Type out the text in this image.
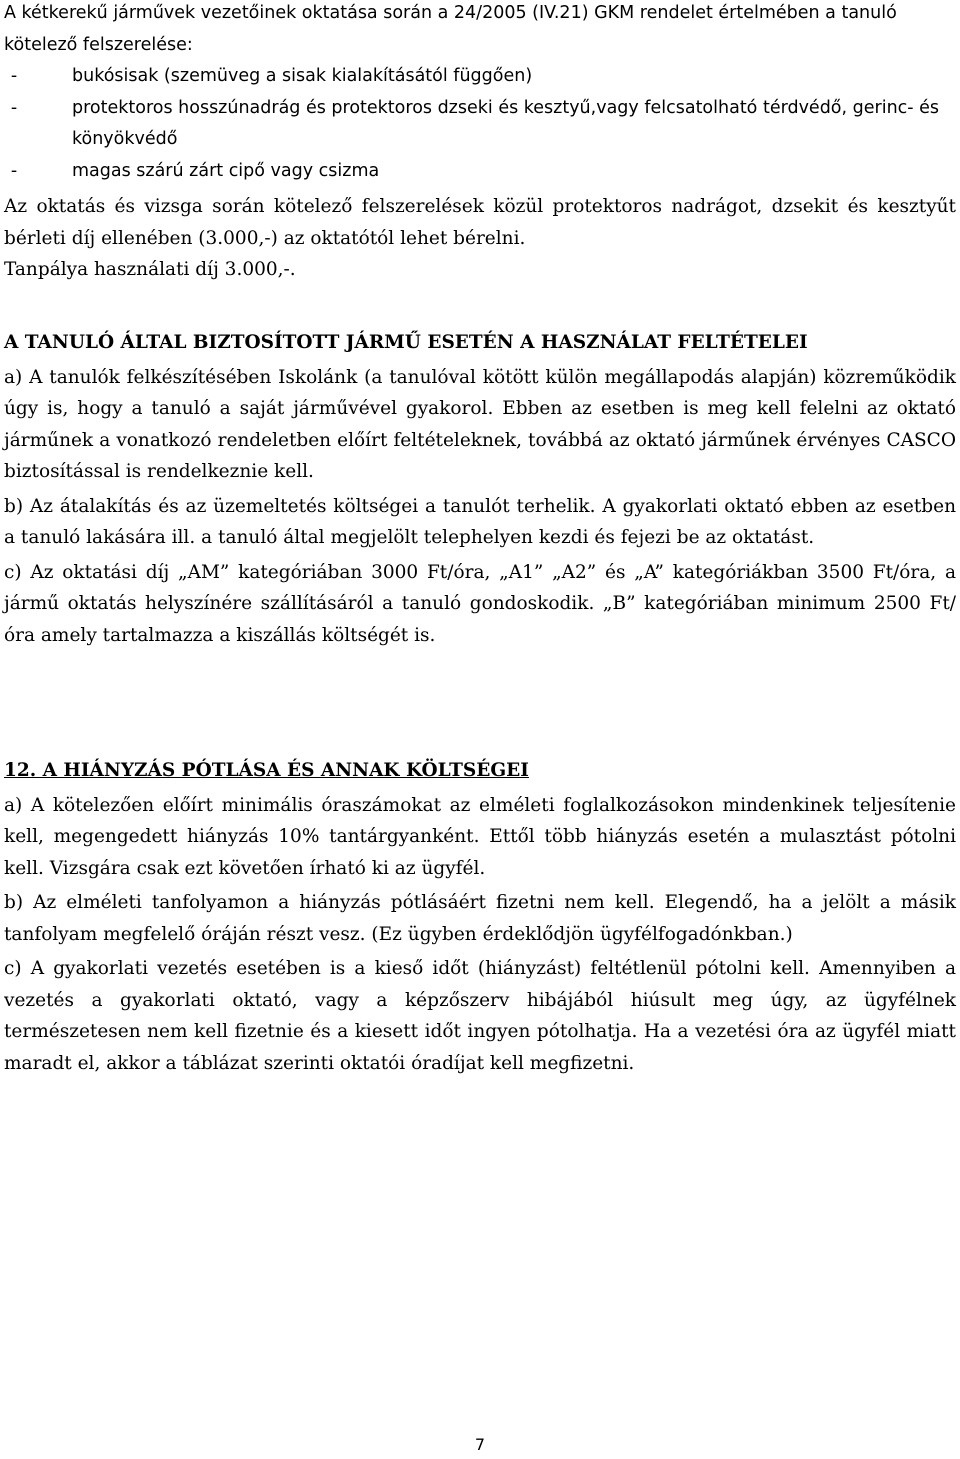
A kétkerekű járművek vezetőinek oktatása során a 24/2005 (IV.21) GKM rendelet értelmében a tanuló kötelező felszerelése:

-	bukósisak (szemüveg a sisak kialakításától függően)
-	protektoros hosszúnadrág és protektoros dzseki és kesztyű,vagy felcsatolható térdvédő, gerinc- és könyökvédő
-	magas szárú zárt cipő vagy csizma

Az oktatás és vizsga során kötelező felszerelések közül protektoros nadrágot, dzsekit és kesztyűt bérleti díj ellenében (3.000,-) az oktatótól lehet bérelni.

Tanpálya használati díj 3.000,-.

A TANULÓ ÁLTAL BIZTOSÍTOTT JÁRMŰ ESETÉN A HASZNÁLAT FELTÉTELEI

a) A tanulók felkészítésében Iskolánk (a tanulóval kötött külön megállapodás alapján) közreműködik úgy is, hogy a tanuló a saját járművével gyakorol. Ebben az esetben is meg kell felelni az oktató járműnek a vonatkozó rendeletben előírt feltételeknek, továbbá az oktató járműnek érvényes CASCO biztosítással is rendelkeznie kell.

b) Az átalakítás és az üzemeltetés költségei a tanulót terhelik. A gyakorlati oktató ebben az esetben a tanuló lakására ill. a tanuló által megjelölt telephelyen kezdi és fejezi be az oktatást.

c) Az oktatási díj „AM” kategóriában 3000 Ft/óra, „A1” „A2” és „A” kategóriákban 3500 Ft/óra, a jármű oktatás helyszínére szállításáról a tanuló gondoskodik. „B” kategóriában minimum 2500 Ft/óra amely tartalmazza a kiszállás költségét is.

12. A HIÁNYZÁS PÓTLÁSA ÉS ANNAK KÖLTSÉGEI

a) A kötelezően előírt minimális óraszámokat az elméleti foglalkozásokon mindenkinek teljesítenie kell, megengedett hiányzás 10% tantárgyanként. Ettől több hiányzás esetén a mulasztást pótolni kell. Vizsgára csak ezt követően írható ki az ügyfél.

b) Az elméleti tanfolyamon a hiányzás pótlásáért fizetni nem kell. Elegendő, ha a jelölt a másik tanfolyam megfelelő óráján részt vesz. (Ez ügyben érdeklődjön ügyfélfogadónkban.)

c) A gyakorlati vezetés esetében is a kieső időt (hiányzást) feltétlenül pótolni kell. Amennyiben a vezetés a gyakorlati oktató, vagy a képzőszerv hibájából hiúsult meg úgy, az ügyfélnek természetesen nem kell fizetnie és a kiesett időt ingyen pótolhatja. Ha a vezetési óra az ügyfél miatt maradt el, akkor a táblázat szerinti oktatói óradíjat kell megfizetni.

7
